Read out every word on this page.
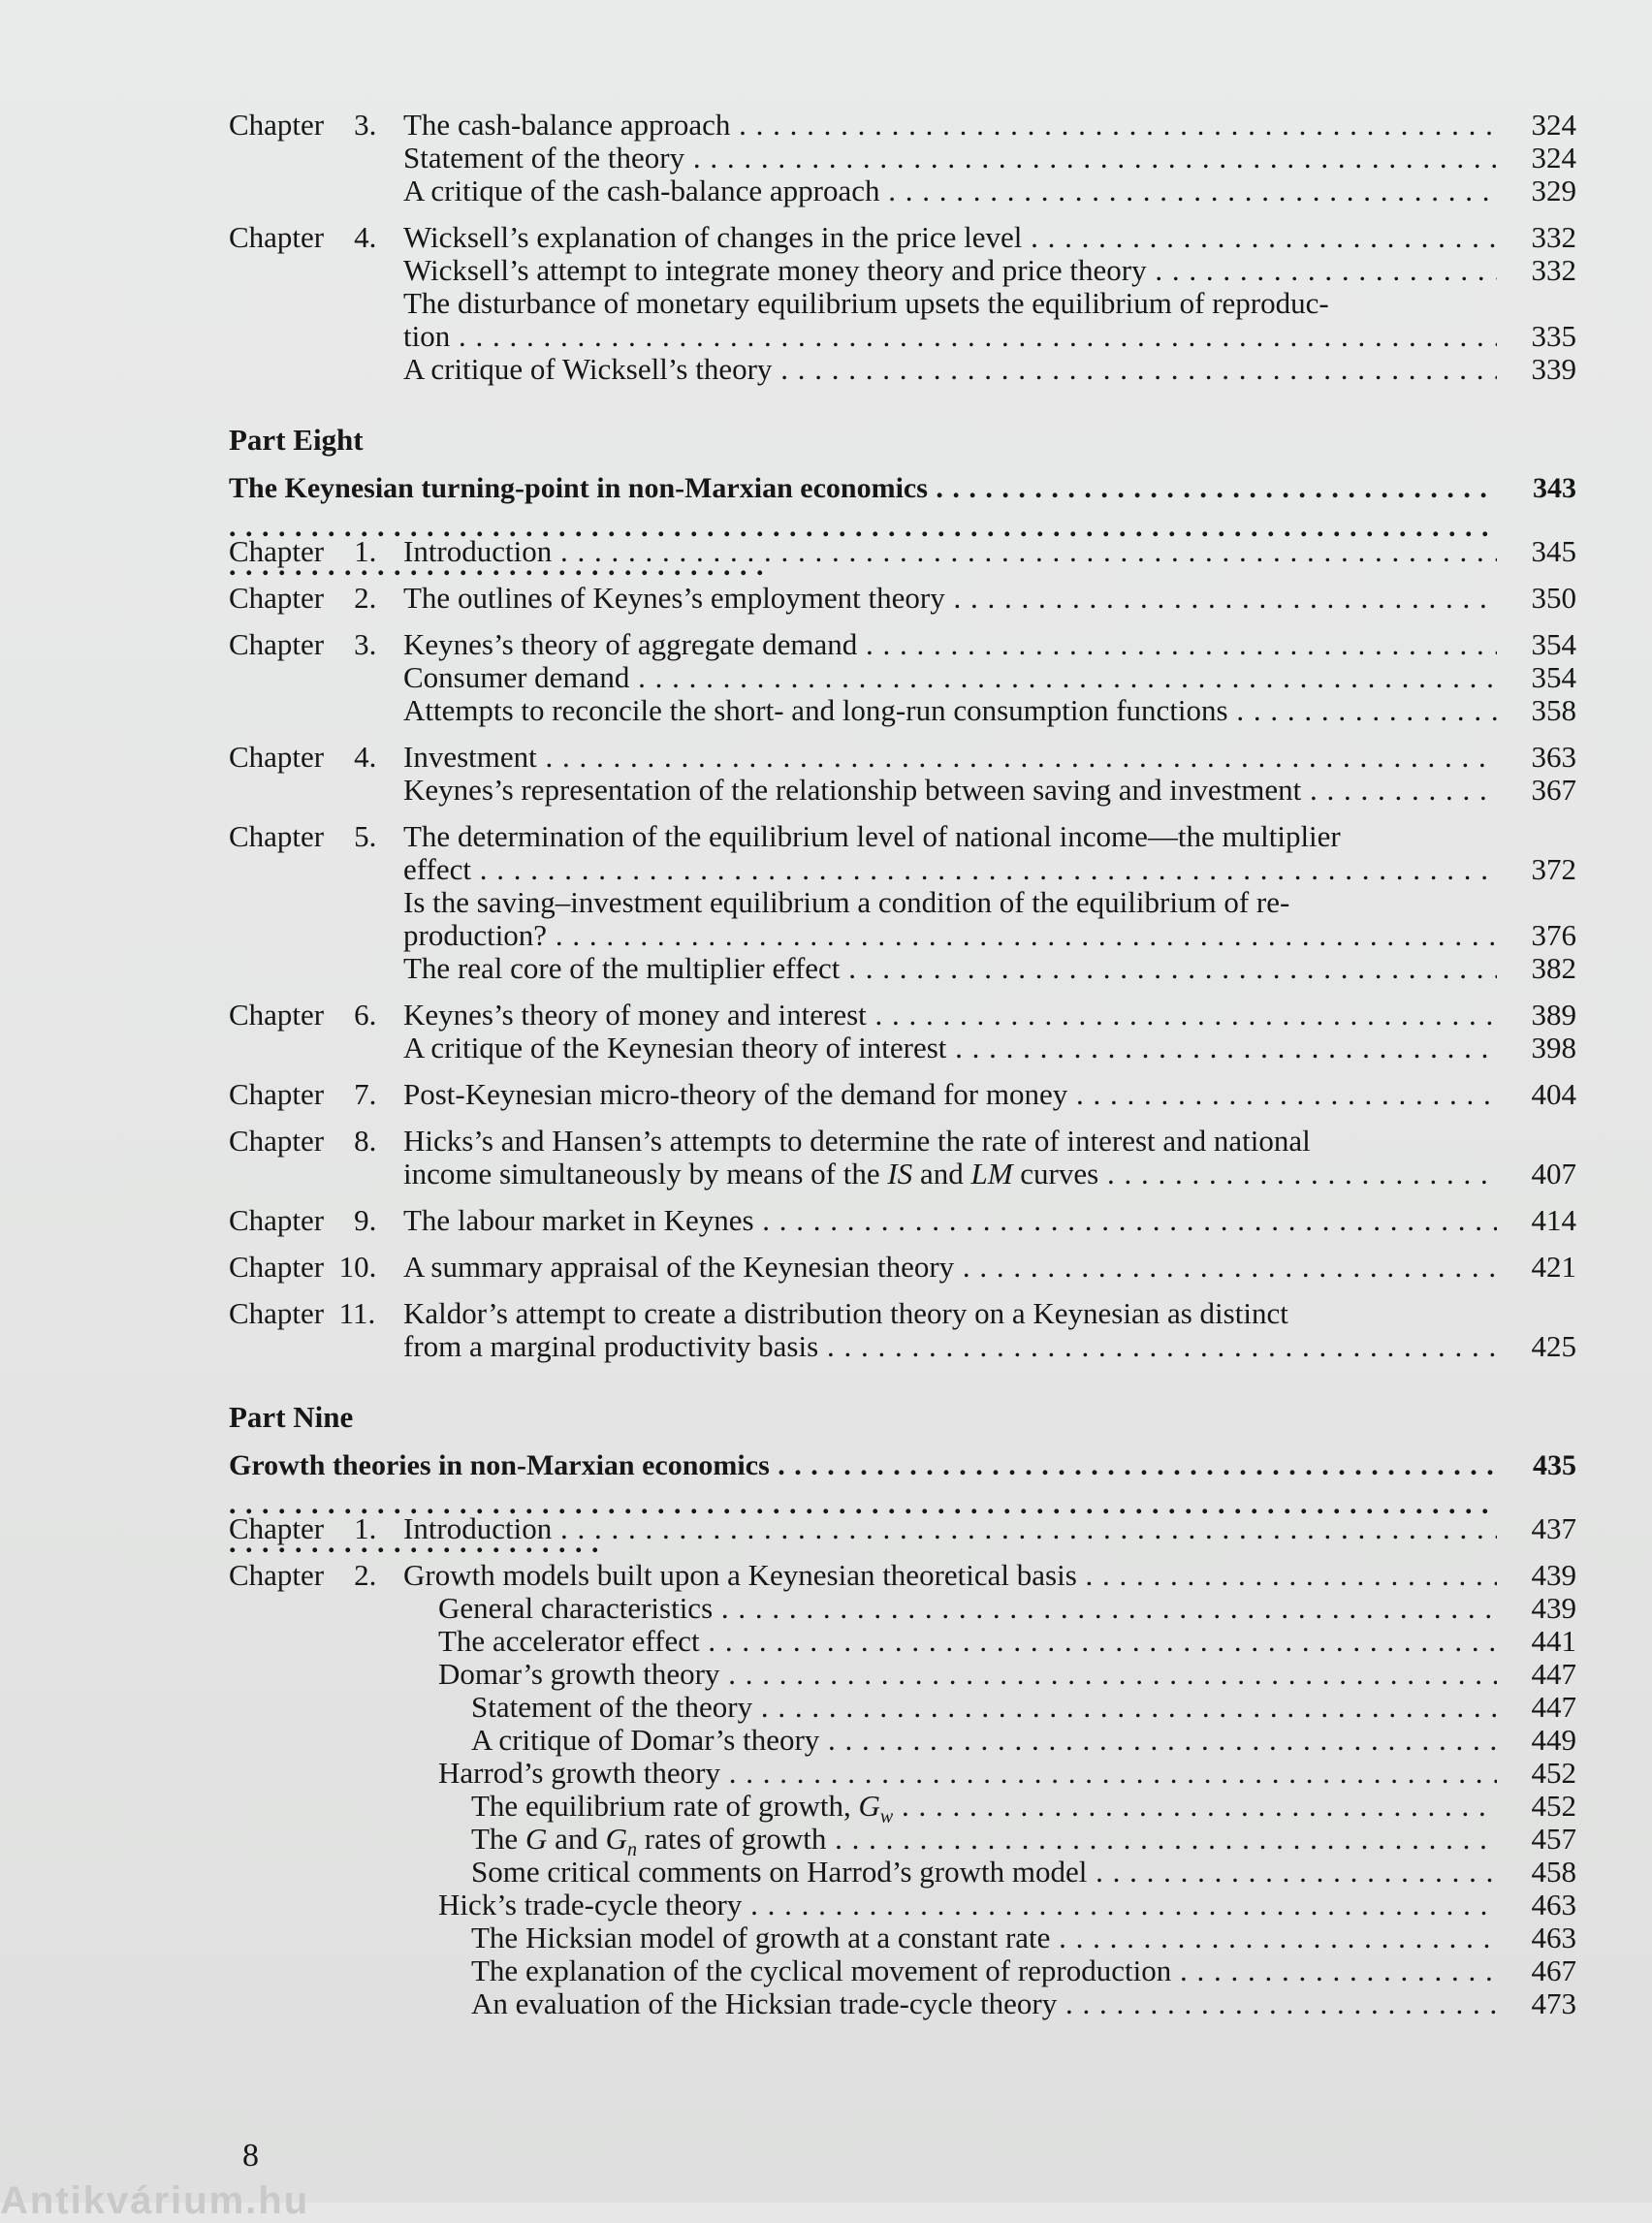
Chapter 3. The cash-balance approach . . .	324
Statement of the theory . . .	324
A critique of the cash-balance approach . . .	329
Chapter 4. Wicksell’s explanation of changes in the price level . . .	332
Wicksell’s attempt to integrate money theory and price theory . . .	332
The disturbance of monetary equilibrium upsets the equilibrium of reproduc-
tion . . .	335
A critique of Wicksell’s theory . . .	339
Part Eight
The Keynesian turning-point in non-Marxian economics . . .	343
Chapter 1. Introduction . . .	345
Chapter 2. The outlines of Keynes’s employment theory . . .	350
Chapter 3. Keynes’s theory of aggregate demand . . .	354
Consumer demand . . .	354
Attempts to reconcile the short- and long-run consumption functions . . .	358
Chapter 4. Investment . . .	363
Keynes’s representation of the relationship between saving and investment . . .	367
Chapter 5. The determination of the equilibrium level of national income—the multiplier
effect . . .	372
Is the saving–investment equilibrium a condition of the equilibrium of re-
production? . . .	376
The real core of the multiplier effect . . .	382
Chapter 6. Keynes’s theory of money and interest . . .	389
A critique of the Keynesian theory of interest . . .	398
Chapter 7. Post-Keynesian micro-theory of the demand for money . . .	404
Chapter 8. Hicks’s and Hansen’s attempts to determine the rate of interest and national
income simultaneously by means of the IS and LM curves . . .	407
Chapter 9. The labour market in Keynes . . .	414
Chapter 10. A summary appraisal of the Keynesian theory . . .	421
Chapter 11. Kaldor’s attempt to create a distribution theory on a Keynesian as distinct
from a marginal productivity basis . . .	425
Part Nine
Growth theories in non-Marxian economics . . .	435
Chapter 1. Introduction . . .	437
Chapter 2. Growth models built upon a Keynesian theoretical basis . . .	439
General characteristics . . .	439
The accelerator effect . . .	441
Domar’s growth theory . . .	447
Statement of the theory . . .	447
A critique of Domar’s theory . . .	449
Harrod’s growth theory . . .	452
The equilibrium rate of growth, $G_w$ . . .	452
The G and $G_n$ rates of growth . . .	457
Some critical comments on Harrod’s growth model . . .	458
Hick’s trade-cycle theory . . .	463
The Hicksian model of growth at a constant rate . . .	463
The explanation of the cyclical movement of reproduction . . .	467
An evaluation of the Hicksian trade-cycle theory . . .	473
8
Antikvárium.hu
